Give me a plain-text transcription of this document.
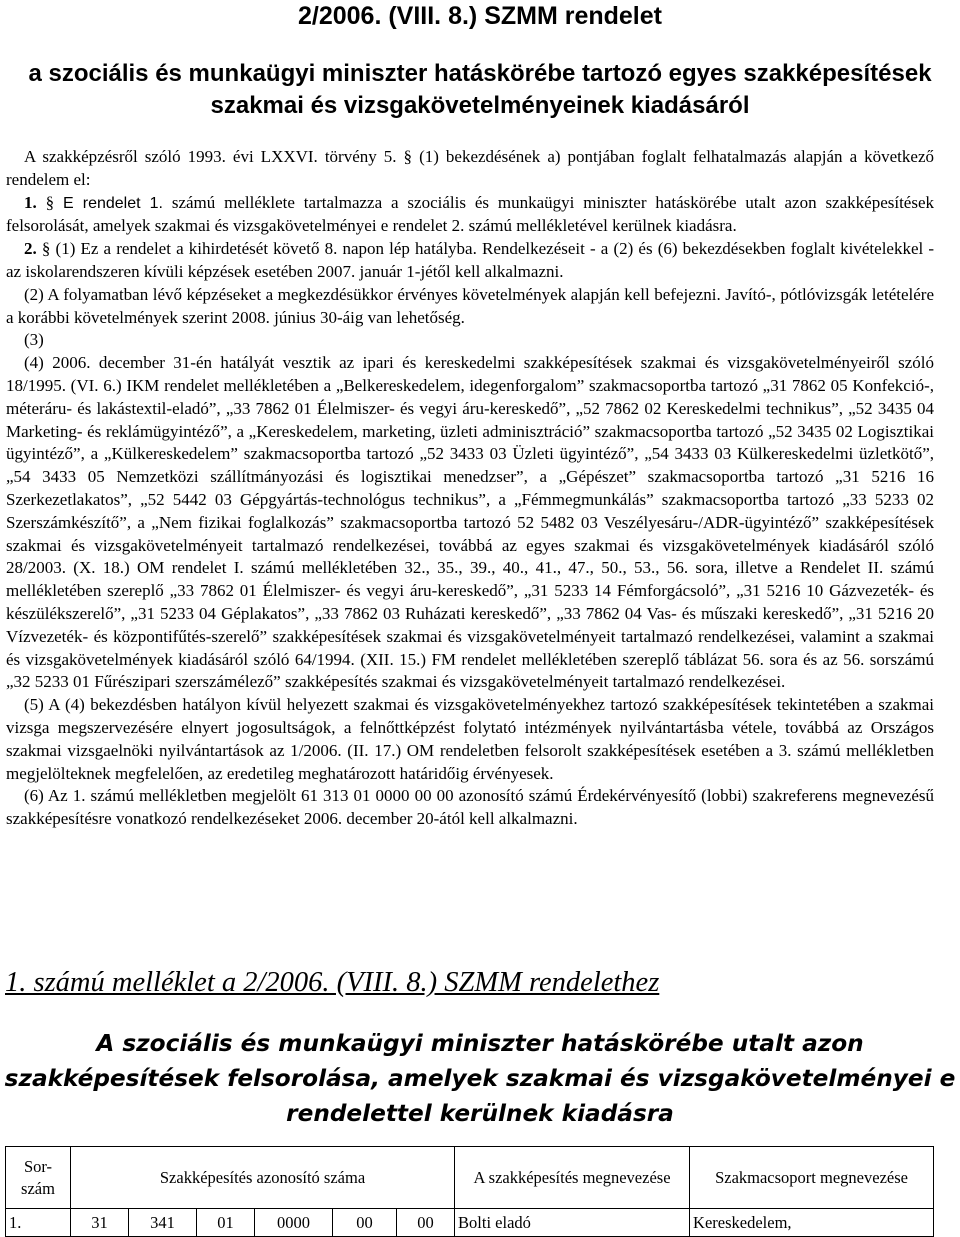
2/2006. (VIII. 8.) SZMM rendelet
a szociális és munkaügyi miniszter hatáskörébe tartozó egyes szakképesítések
szakmai és vizsgakövetelményeinek kiadásáról

A szakképzésről szóló 1993. évi LXXVI. törvény 5. § (1) bekezdésének a) pontjában foglalt felhatalmazás alapján a következő rendelem el:

1. § E rendelet 1. számú melléklete tartalmazza a szociális és munkaügyi miniszter hatáskörébe utalt azon szakképesítések felsorolását, amelyek szakmai és vizsgakövetelményei e rendelet 2. számú mellékletével kerülnek kiadásra.

2. § (1) Ez a rendelet a kihirdetését követő 8. napon lép hatályba. Rendelkezéseit - a (2) és (6) bekezdésekben foglalt kivételekkel - az iskolarendszeren kívüli képzések esetében 2007. január 1-jétől kell alkalmazni.

(2) A folyamatban lévő képzéseket a megkezdésükkor érvényes követelmények alapján kell befejezni. Javító-, pótlóvizsgák letételére a korábbi követelmények szerint 2008. június 30-áig van lehetőség.

(3)

(4) 2006. december 31-én hatályát vesztik az ipari és kereskedelmi szakképesítések szakmai és vizsgakövetelményeiről szóló 18/1995. (VI. 6.) IKM rendelet mellékletében a „Belkereskedelem, idegenforgalom” szakmacsoportba tartozó „31 7862 05 Konfekció-, méteráru- és lakástextil-eladó”, „33 7862 01 Élelmiszer- és vegyi áru-kereskedő”, „52 7862 02 Kereskedelmi technikus”, „52 3435 04 Marketing- és reklámügyintéző”, a „Kereskedelem, marketing, üzleti adminisztráció” szakmacsoportba tartozó „52 3435 02 Logisztikai ügyintéző”, a „Külkereskedelem” szakmacsoportba tartozó „52 3433 03 Üzleti ügyintéző”, „54 3433 03 Külkereskedelmi üzletkötő”, „54 3433 05 Nemzetközi szállítmányozási és logisztikai menedzser”, a „Gépészet” szakmacsoportba tartozó „31 5216 16 Szerkezetlakatos”, „52 5442 03 Gépgyártás-technológus technikus”, a „Fémmegmunkálás” szakmacsoportba tartozó „33 5233 02 Szerszámkészítő”, a „Nem fizikai foglalkozás” szakmacsoportba tartozó 52 5482 03 Veszélyesáru-/ADR-ügyintéző” szakképesítések szakmai és vizsgakövetelményeit tartalmazó rendelkezései, továbbá az egyes szakmai és vizsgakövetelmények kiadásáról szóló 28/2003. (X. 18.) OM rendelet I. számú mellékletében 32., 35., 39., 40., 41., 47., 50., 53., 56. sora, illetve a Rendelet II. számú mellékletében szereplő „33 7862 01 Élelmiszer- és vegyi áru-kereskedő”, „31 5233 14 Fémforgácsoló”, „31 5216 10 Gázvezeték- és készülékszerelő”, „31 5233 04 Géplakatos”, „33 7862 03 Ruházati kereskedő”, „33 7862 04 Vas- és műszaki kereskedő”, „31 5216 20 Vízvezeték- és központifűtés-szerelő” szakképesítések szakmai és vizsgakövetelményeit tartalmazó rendelkezései, valamint a szakmai és vizsgakövetelmények kiadásáról szóló 64/1994. (XII. 15.) FM rendelet mellékletében szereplő táblázat 56. sora és az 56. sorszámú „32 5233 01 Fűrészipari szerszámélező” szakképesítés szakmai és vizsgakövetelményeit tartalmazó rendelkezései.

(5) A (4) bekezdésben hatályon kívül helyezett szakmai és vizsgakövetelményekhez tartozó szakképesítések tekintetében a szakmai vizsga megszervezésére elnyert jogosultságok, a felnőttképzést folytató intézmények nyilvántartásba vétele, továbbá az Országos szakmai vizsgaelnöki nyilvántartások az 1/2006. (II. 17.) OM rendeletben felsorolt szakképesítések esetében a 3. számú mellékletben megjelölteknek megfelelően, az eredetileg meghatározott határidőig érvényesek.

(6) Az 1. számú mellékletben megjelölt 61 313 01 0000 00 00 azonosító számú Érdekérvényesítő (lobbi) szakreferens megnevezésű szakképesítésre vonatkozó rendelkezéseket 2006. december 20-ától kell alkalmazni.

1. számú melléklet a 2/2006. (VIII. 8.) SZMM rendelethez
A szociális és munkaügyi miniszter hatáskörébe utalt azon szakképesítések felsorolása, amelyek szakmai és vizsgakövetelményei e rendelettel kerülnek kiadásra
Sor-szám	Szakképesítés azonosító száma						A szakképesítés megnevezése	Szakmacsoport megnevezése
1.	31	341	01	0000	00	00	Bolti eladó	Kereskedelem,
